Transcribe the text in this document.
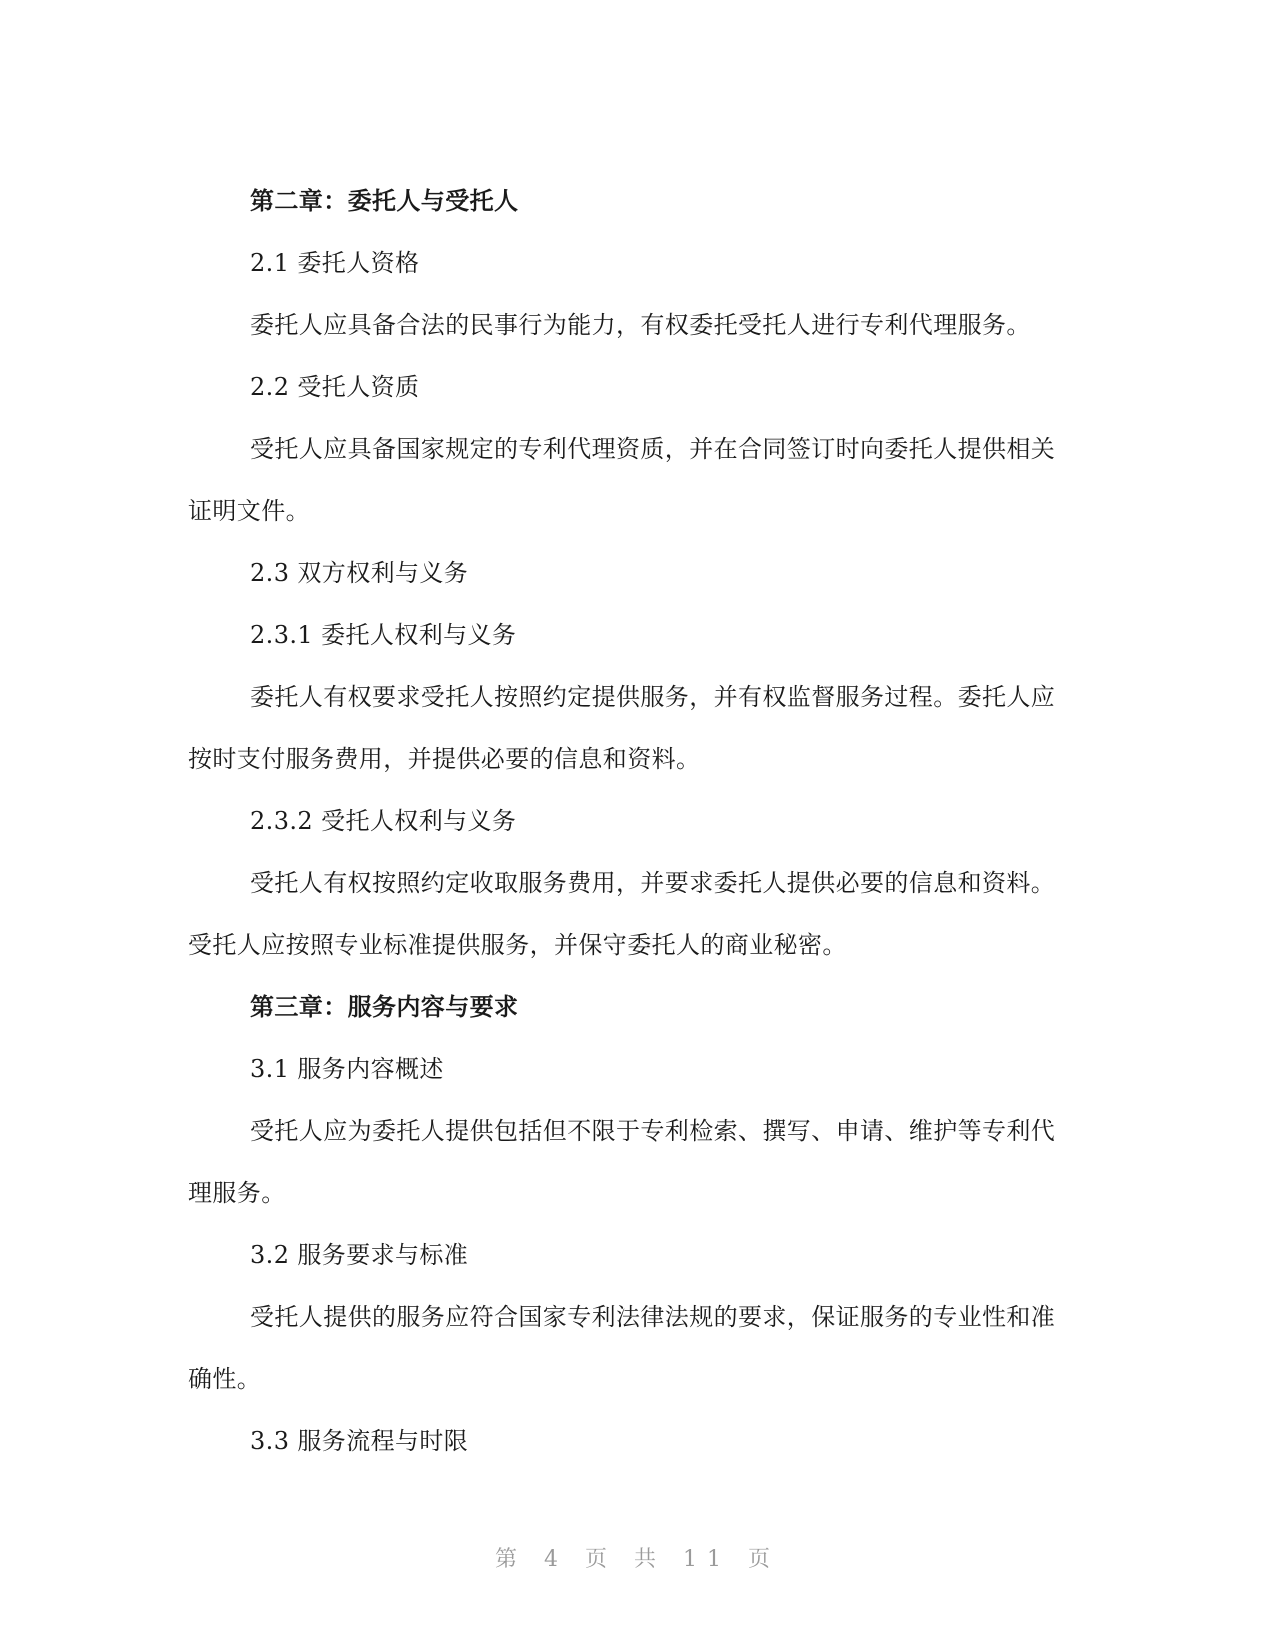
第二章：委托人与受托人
2.1 委托人资格
委托人应具备合法的民事行为能力，有权委托受托人进行专利代理服务。
2.2 受托人资质
受托人应具备国家规定的专利代理资质，并在合同签订时向委托人提供相关
证明文件。
2.3 双方权利与义务
2.3.1 委托人权利与义务
委托人有权要求受托人按照约定提供服务，并有权监督服务过程。委托人应
按时支付服务费用，并提供必要的信息和资料。
2.3.2 受托人权利与义务
受托人有权按照约定收取服务费用，并要求委托人提供必要的信息和资料。
受托人应按照专业标准提供服务，并保守委托人的商业秘密。
第三章：服务内容与要求
3.1 服务内容概述
受托人应为委托人提供包括但不限于专利检索、撰写、申请、维护等专利代
理服务。
3.2 服务要求与标准
受托人提供的服务应符合国家专利法律法规的要求，保证服务的专业性和准
确性。
3.3 服务流程与时限
第 4 页 共 11 页
